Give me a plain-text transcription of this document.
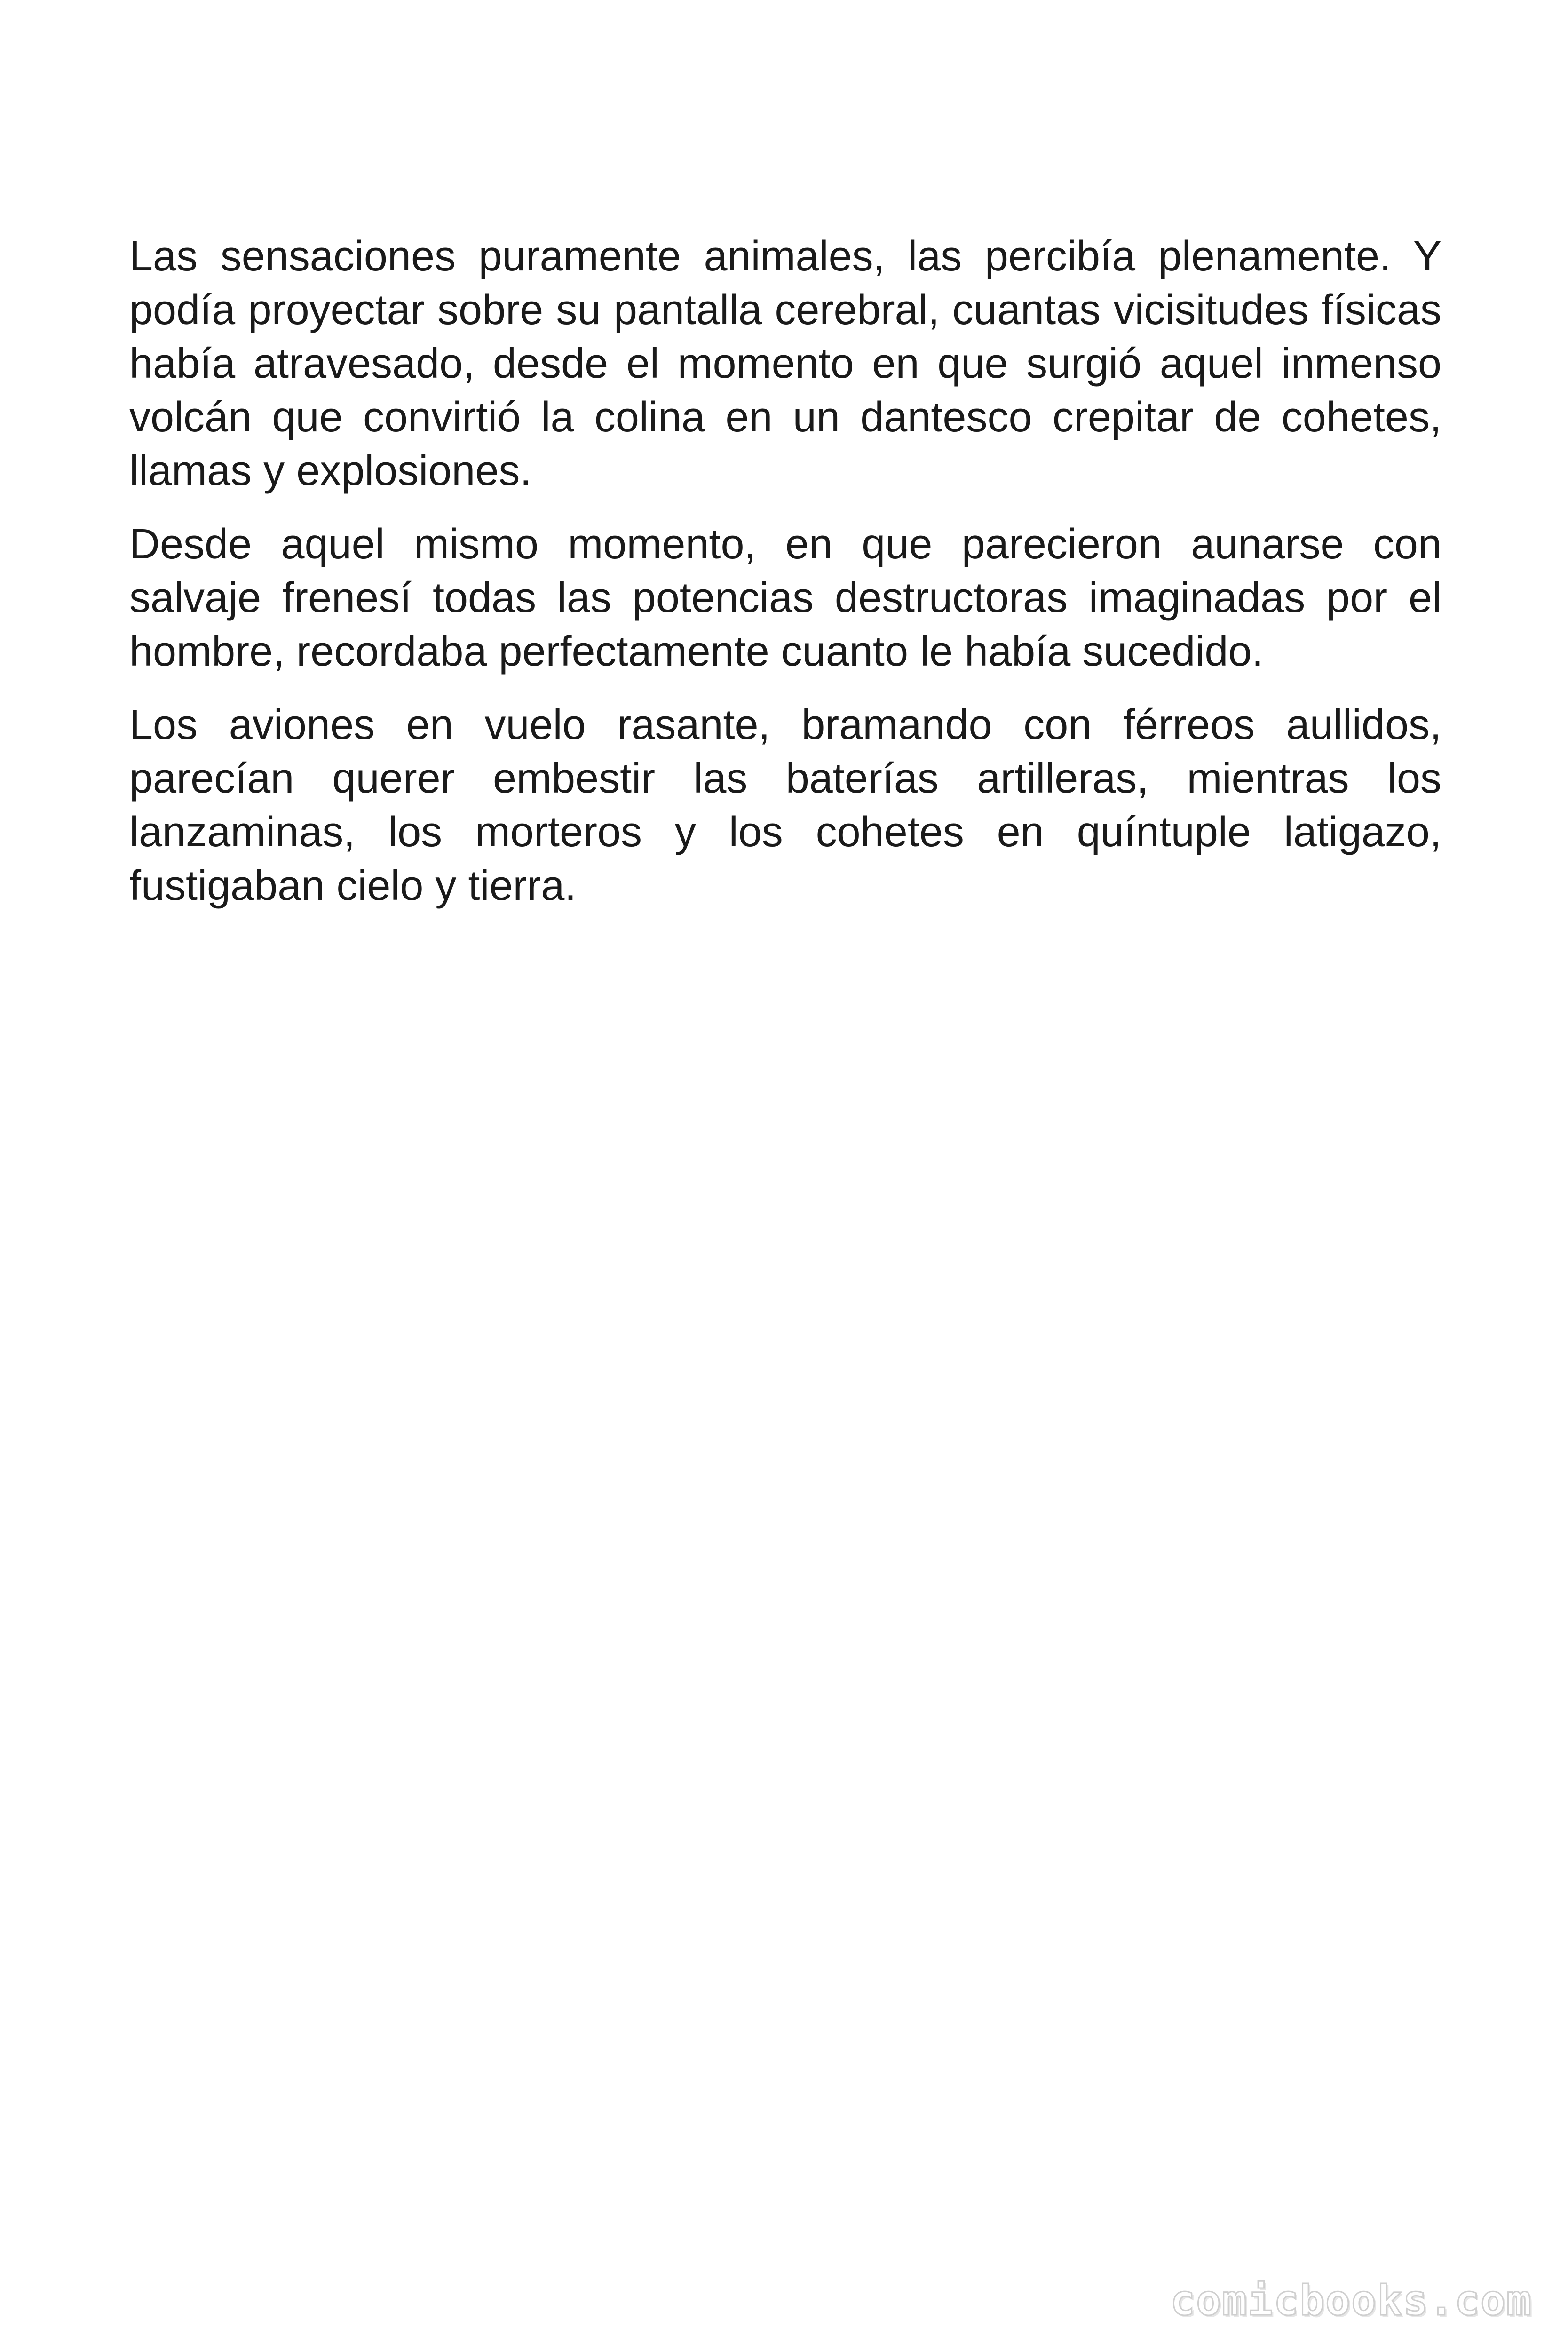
Las sensaciones puramente animales, las percibía plenamente. Y podía proyectar sobre su pantalla cerebral, cuantas vicisitudes físicas había atravesado, desde el momento en que surgió aquel inmenso volcán que convirtió la colina en un dantesco crepitar de cohetes, llamas y explosiones.

Desde aquel mismo momento, en que parecieron aunarse con salvaje frenesí todas las potencias destructoras imaginadas por el hombre, recordaba perfectamente cuanto le había sucedido.

Los aviones en vuelo rasante, bramando con férreos aullidos, parecían querer embestir las baterías artilleras, mientras los lanzaminas, los morteros y los cohetes en quíntuple latigazo, fustigaban cielo y tierra.

comicbooks.com
